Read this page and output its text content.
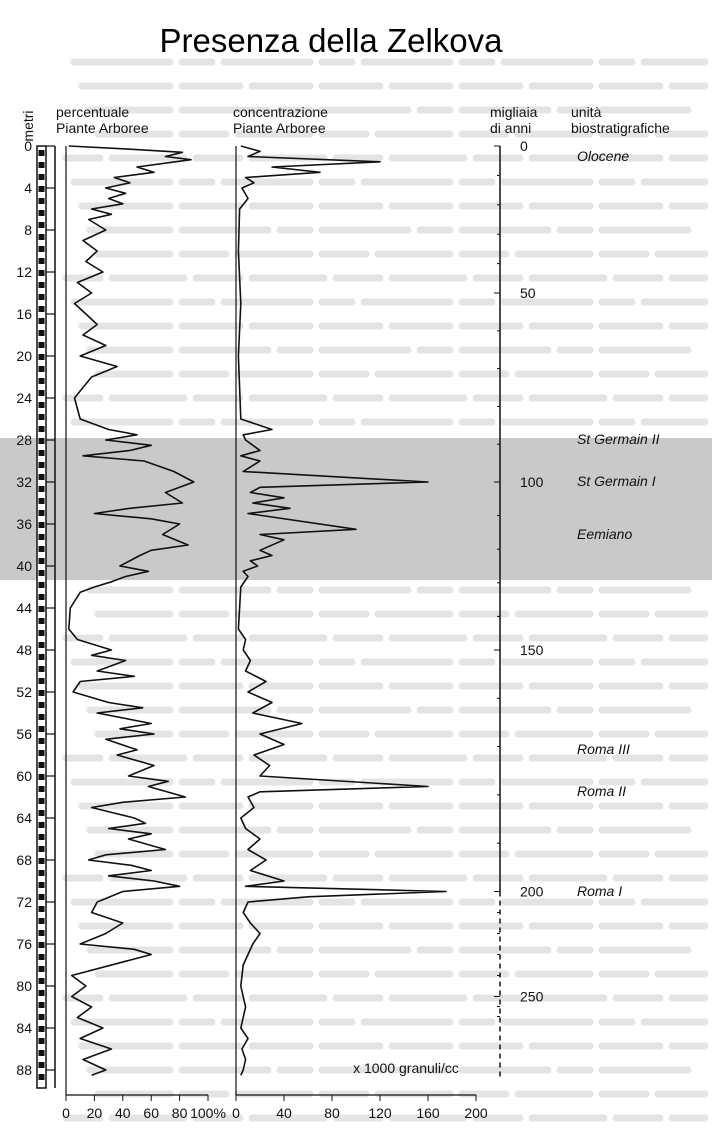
Presenza della Zelkova
percentuale
Piante Arboree
concentrazione
Piante Arboree
migliaia
di anni
unità
biostratigrafiche
Olocene
St Germain II
St Germain I
Eemiano
Roma III
Roma II
Roma I
metri
0
4
8
12
16
20
24
28
32
36
40
44
48
52
56
60
64
68
72
76
80
84
88
0 20 40 60 80 100% 0	40 80 120 160 200
x 1000 granuli/cc
0
50
100
150
200
250
